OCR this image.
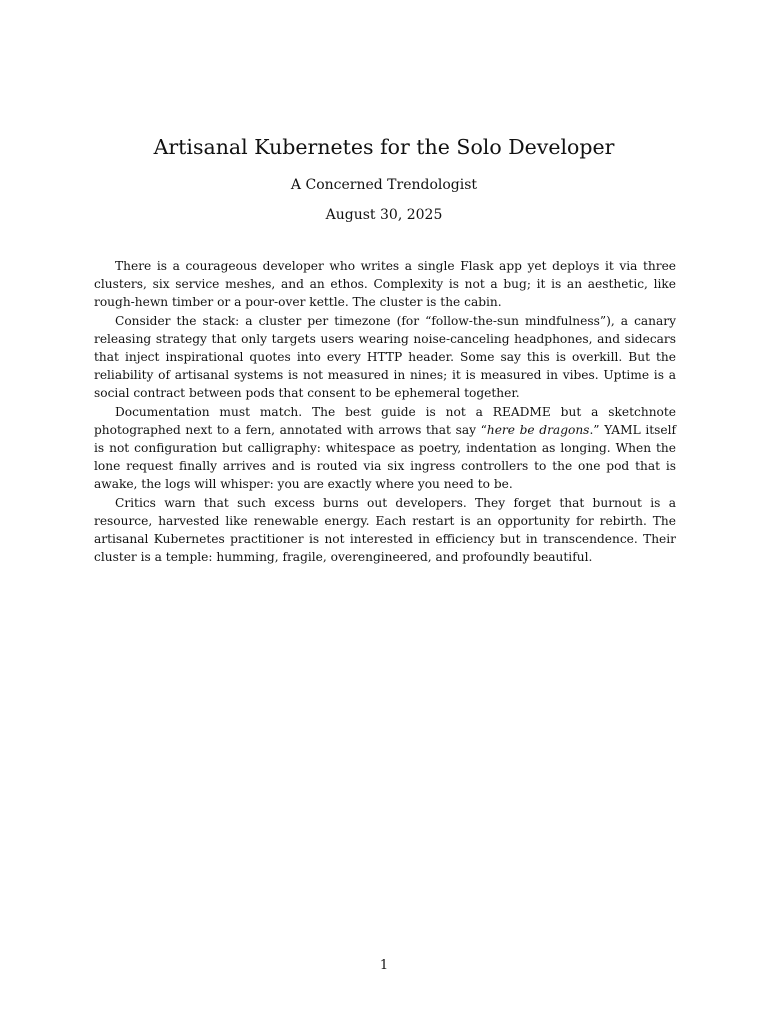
Artisanal Kubernetes for the Solo Developer
A Concerned Trendologist
August 30, 2025

There is a courageous developer who writes a single Flask app yet deploys it via three clusters, six service meshes, and an ethos. Complexity is not a bug; it is an aesthetic, like rough-hewn timber or a pour-over kettle. The cluster is the cabin.

Consider the stack: a cluster per timezone (for “follow-the-sun mindfulness”), a canary releasing strategy that only targets users wearing noise-canceling headphones, and sidecars that inject inspirational quotes into every HTTP header. Some say this is overkill. But the reliability of artisanal systems is not measured in nines; it is measured in vibes. Uptime is a social contract between pods that consent to be ephemeral together.

Documentation must match. The best guide is not a README but a sketchnote photographed next to a fern, annotated with arrows that say “here be dragons.” YAML itself is not configuration but calligraphy: whitespace as poetry, indentation as longing. When the lone request finally arrives and is routed via six ingress controllers to the one pod that is awake, the logs will whisper: you are exactly where you need to be.

Critics warn that such excess burns out developers. They forget that burnout is a resource, harvested like renewable energy. Each restart is an opportunity for rebirth. The artisanal Kubernetes practitioner is not interested in efficiency but in transcendence. Their cluster is a temple: humming, fragile, overengineered, and profoundly beautiful.

1
